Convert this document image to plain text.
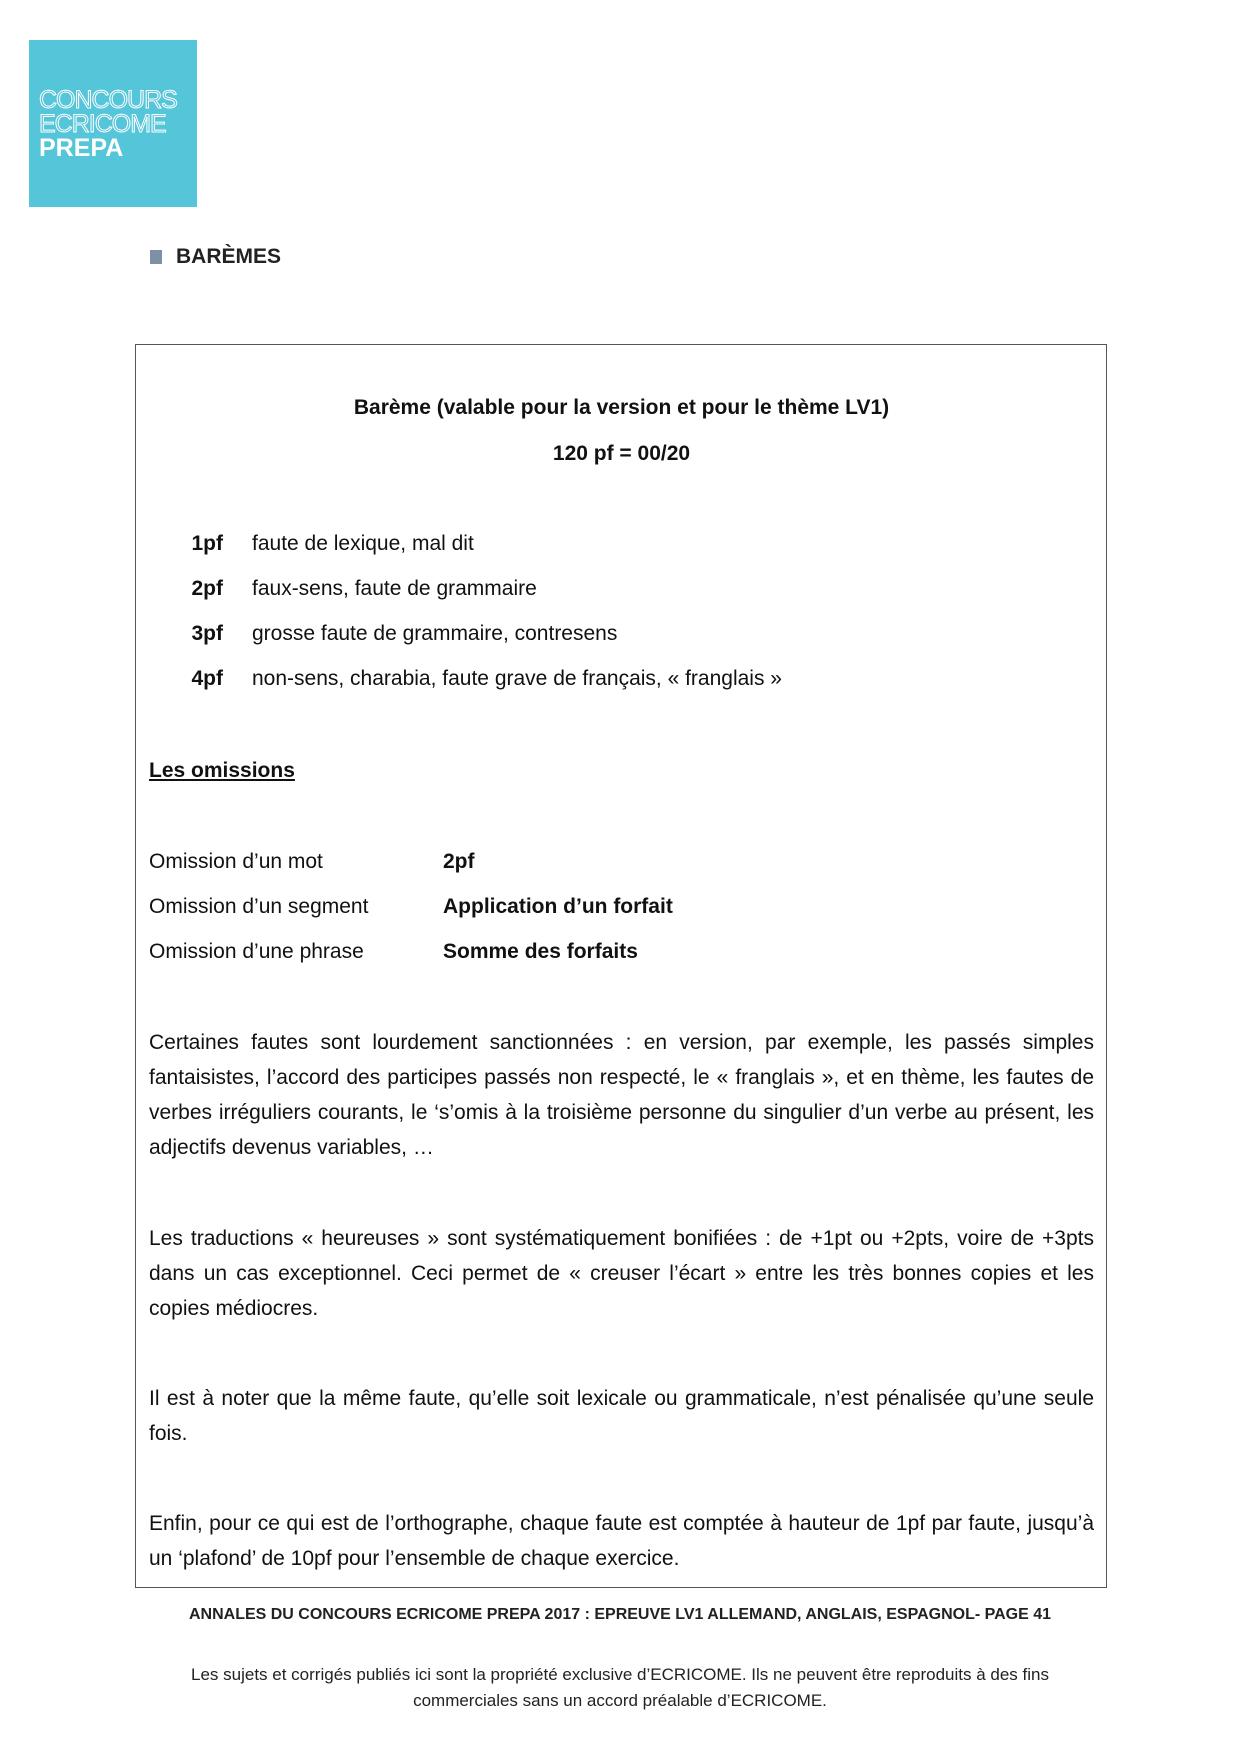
CONCOURS
ECRICOME
PREPA
BARÈMES
Barème (valable pour la version et pour le thème LV1)
120 pf = 00/20
1pf	faute de lexique, mal dit
2pf	faux-sens, faute de grammaire
3pf	grosse faute de grammaire, contresens
4pf	non-sens, charabia, faute grave de français, « franglais »
Les omissions
Omission d’un mot	2pf
Omission d’un segment	Application d’un forfait
Omission d’une phrase	Somme des forfaits
Certaines fautes sont lourdement sanctionnées : en version, par exemple, les passés simples fantaisistes, l’accord des participes passés non respecté, le « franglais », et en thème, les fautes de verbes irréguliers courants, le ‘s’omis à la troisième personne du singulier d’un verbe au présent, les adjectifs devenus variables, …
Les traductions « heureuses » sont systématiquement bonifiées : de +1pt ou +2pts, voire de +3pts dans un cas exceptionnel. Ceci permet de « creuser l’écart » entre les très bonnes copies et les copies médiocres.
Il est à noter que la même faute, qu’elle soit lexicale ou grammaticale, n’est pénalisée qu’une seule fois.
Enfin, pour ce qui est de l’orthographe, chaque faute est comptée à hauteur de 1pf par faute, jusqu’à un ‘plafond’ de 10pf pour l’ensemble de chaque exercice.
ANNALES DU CONCOURS ECRICOME PREPA 2017 : EPREUVE LV1 ALLEMAND, ANGLAIS, ESPAGNOL- PAGE 41
Les sujets et corrigés publiés ici sont la propriété exclusive d’ECRICOME. Ils ne peuvent être reproduits à des fins commerciales sans un accord préalable d’ECRICOME.
